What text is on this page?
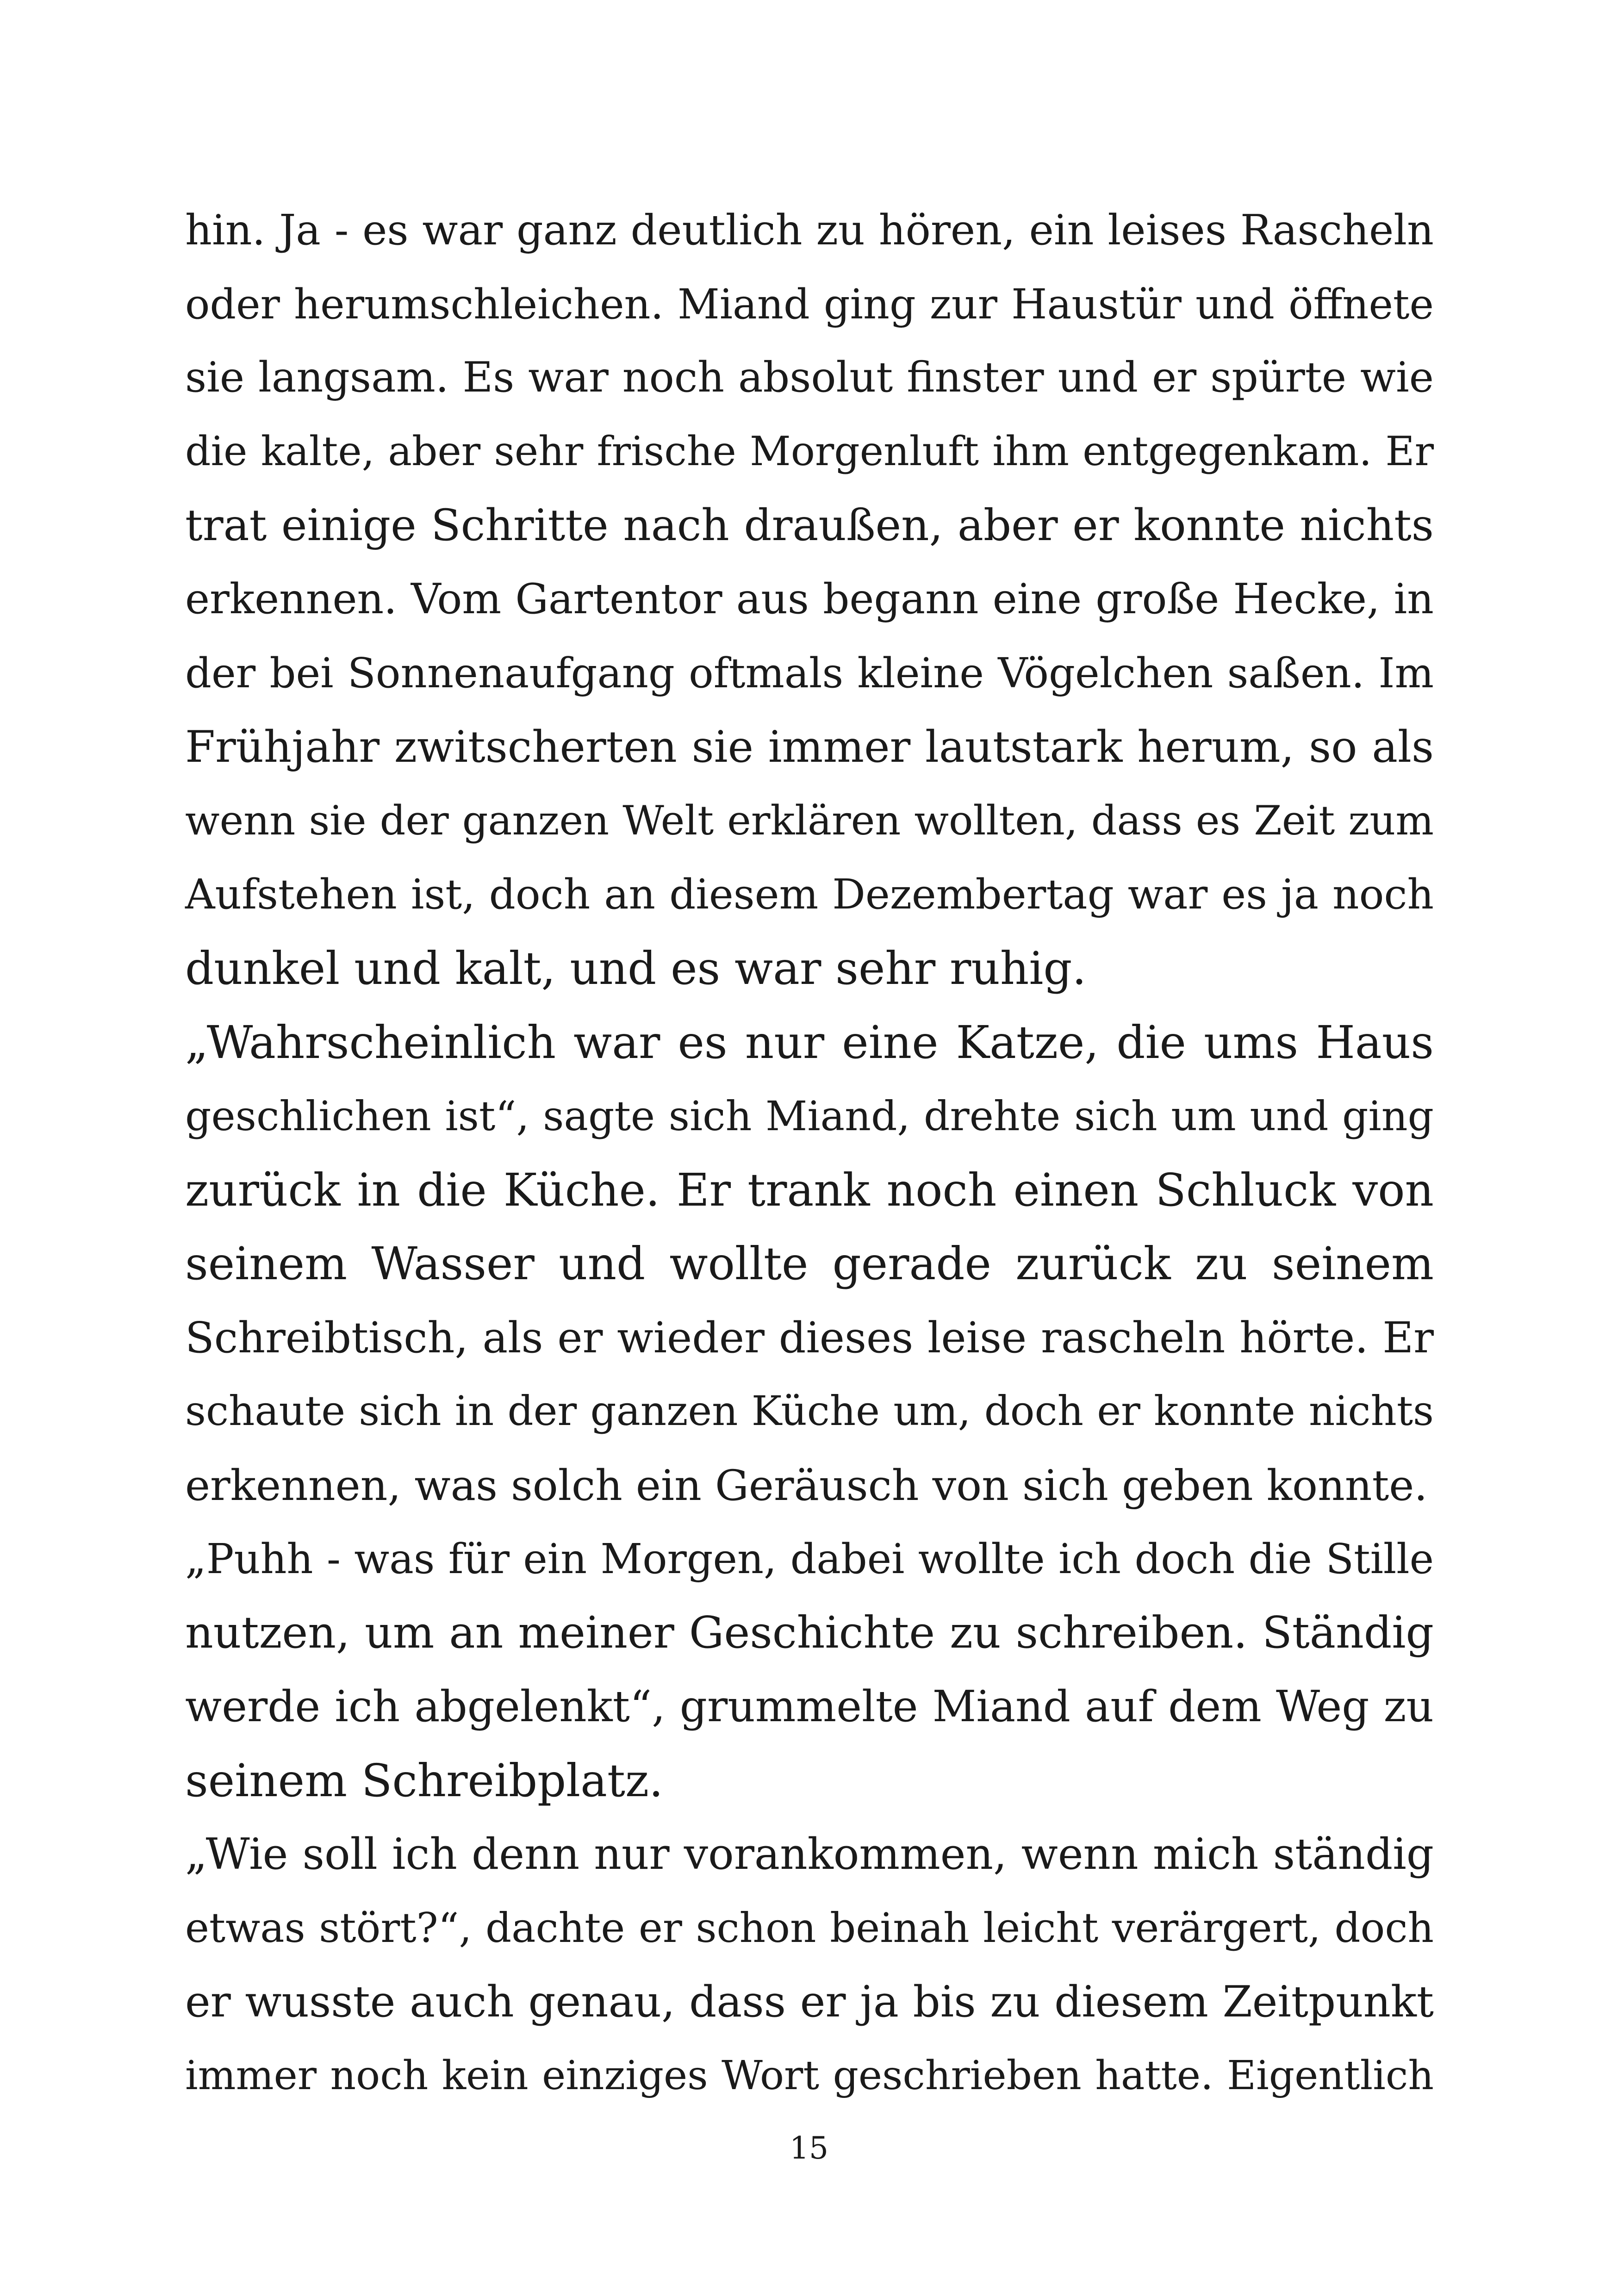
hin. Ja - es war ganz deutlich zu hören, ein leises Rascheln
oder herumschleichen. Miand ging zur Haustür und öffnete
sie langsam. Es war noch absolut finster und er spürte wie
die kalte, aber sehr frische Morgenluft ihm entgegenkam. Er
trat einige Schritte nach draußen, aber er konnte nichts
erkennen. Vom Gartentor aus begann eine große Hecke, in
der bei Sonnenaufgang oftmals kleine Vögelchen saßen. Im
Frühjahr zwitscherten sie immer lautstark herum, so als
wenn sie der ganzen Welt erklären wollten, dass es Zeit zum
Aufstehen ist, doch an diesem Dezembertag war es ja noch
dunkel und kalt, und es war sehr ruhig.
„Wahrscheinlich war es nur eine Katze, die ums Haus
geschlichen ist“, sagte sich Miand, drehte sich um und ging
zurück in die Küche. Er trank noch einen Schluck von
seinem Wasser und wollte gerade zurück zu seinem
Schreibtisch, als er wieder dieses leise rascheln hörte. Er
schaute sich in der ganzen Küche um, doch er konnte nichts
erkennen, was solch ein Geräusch von sich geben konnte.
„Puhh - was für ein Morgen, dabei wollte ich doch die Stille
nutzen, um an meiner Geschichte zu schreiben. Ständig
werde ich abgelenkt“, grummelte Miand auf dem Weg zu
seinem Schreibplatz.
„Wie soll ich denn nur vorankommen, wenn mich ständig
etwas stört?“, dachte er schon beinah leicht verärgert, doch
er wusste auch genau, dass er ja bis zu diesem Zeitpunkt
immer noch kein einziges Wort geschrieben hatte. Eigentlich
15
